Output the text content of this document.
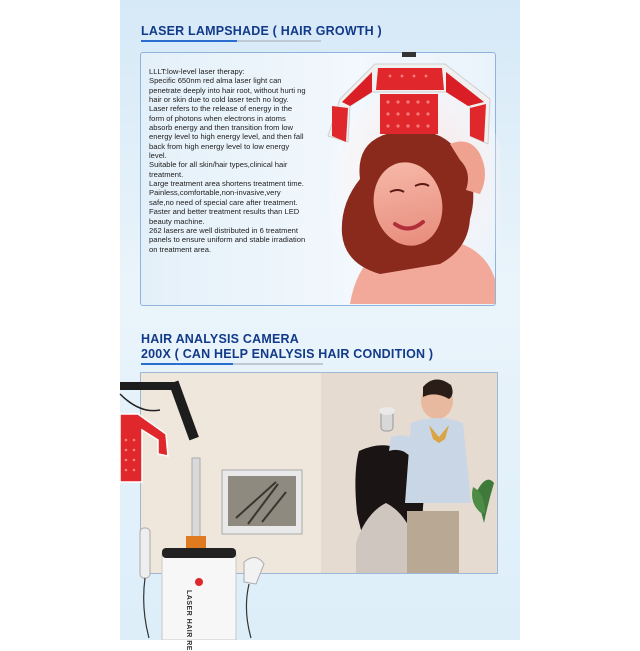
LASER LAMPSHADE ( HAIR GROWTH )
LLLT:low-level laser therapy:
Specific 650nm red alma laser light can penetrate deeply into hair root, without hurti ng hair or skin due to cold laser tech no logy.
Laser refers to the release of energy in the form of photons when electrons in atoms absorb energy and then transition from low energy level to high energy level, and then fall back from high energy level to low energy level.
Suitable for all skin/hair types,clinical hair treatment.
Large treatment area shortens treatment time.
Painless,comfortable,non-invasive,very safe,no need of special care after treatment.
Faster and better treatment results than LED beauty machine.
262 lasers are well distributed in 6 treatment panels to ensure uniform and stable irradiation on treatment area.
HAIR ANALYSIS CAMERA
200X ( CAN HELP ENALYSIS HAIR CONDITION )
LASER HAIR RE
